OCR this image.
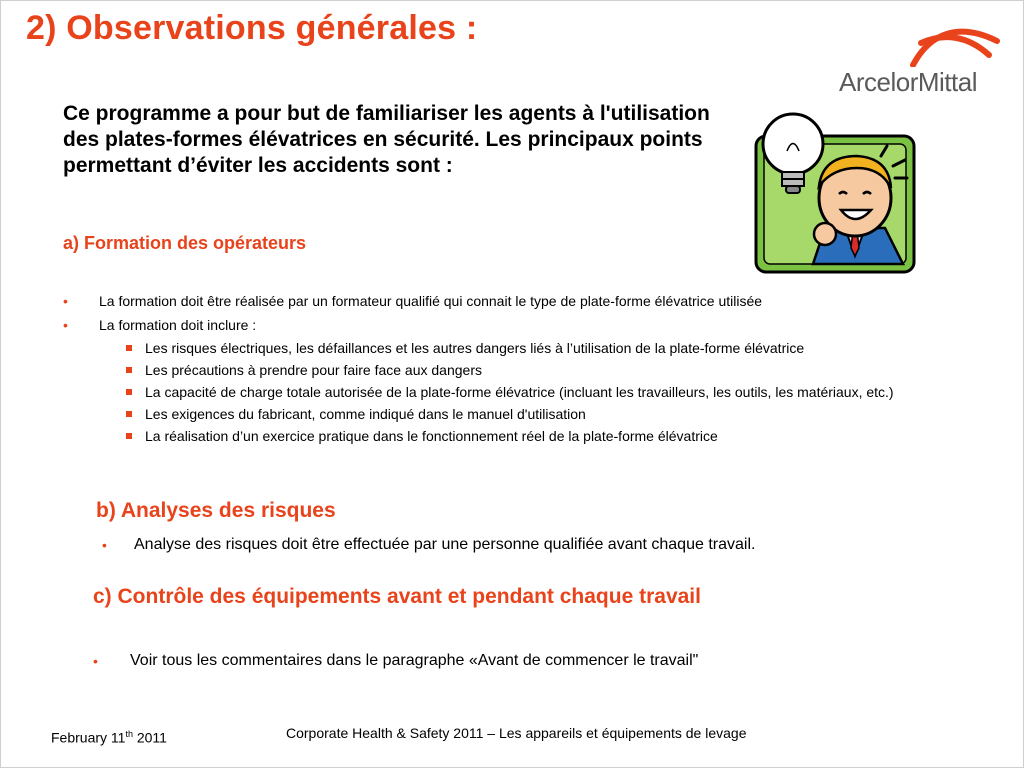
2) Observations générales :
ArcelorMittal

Ce programme a pour but de familiariser les agents à l'utilisation des plates-formes élévatrices en sécurité. Les principaux points permettant d’éviter les accidents sont :

a) Formation des opérateurs
• La formation doit être réalisée par un formateur qualifié qui connait le type de plate-forme élévatrice utilisée
• La formation doit inclure :
Les risques électriques, les défaillances et les autres dangers liés à l’utilisation de la plate-forme élévatrice
Les précautions à prendre pour faire face aux dangers
La capacité de charge totale autorisée de la plate-forme élévatrice (incluant les travailleurs, les outils, les matériaux, etc.)
Les exigences du fabricant, comme indiqué dans le manuel d'utilisation
La réalisation d’un exercice pratique dans le fonctionnement réel de la plate-forme élévatrice
b) Analyses des risques
• Analyse des risques doit être effectuée par une personne qualifiée avant chaque travail.
c) Contrôle des équipements avant et pendant chaque travail
• Voir tous les commentaires dans le paragraphe «Avant de commencer le travail"
February 11th 2011	Corporate Health & Safety 2011 – Les appareils et équipements de levage
